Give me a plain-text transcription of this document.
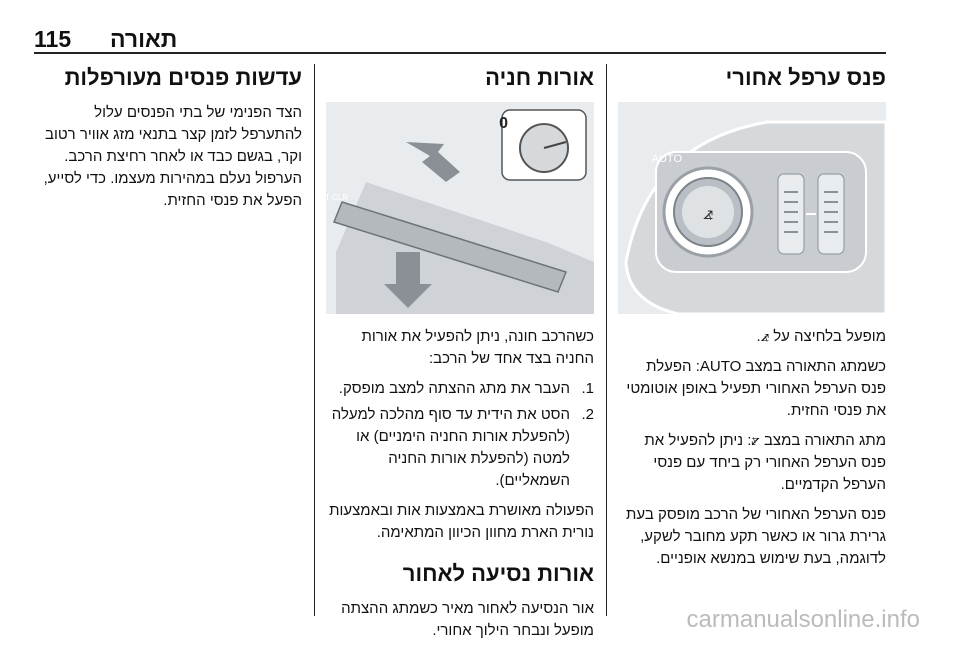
115 תאורה
פנס ערפל אחורי
⦩
AUTO

מופעל בלחיצה על ⦩.

כשמתג התאורה במצב AUTO: הפעלת פנס הערפל האחורי תפעיל באופן אוטומטי את פנסי החזית.

מתג התאורה במצב ⦪: ניתן להפעיל את פנס הערפל האחורי רק ביחד עם פנסי הערפל הקדמיים.

פנס הערפל האחורי של הרכב מופסק בעת גרירת גרור או כאשר תקע מחובר לשקע, לדוגמה, בעת שימוש במנשא אופניים.

אורות חניה
0
RESET CLR

כשהרכב חונה, ניתן להפעיל את אורות החניה בצד אחד של הרכב:

1.
העבר את מתג ההצתה למצב מופסק.
2.
הסט את הידית עד סוף מהלכה למעלה (להפעלת אורות החניה הימניים) או למטה (להפעלת אורות החניה השמאליים).

הפעולה מאושרת באמצעות אות ובאמצעות נורית הארת מחוון הכיוון המתאימה.

אורות נסיעה לאחור

אור הנסיעה לאחור מאיר כשמתג ההצתה מופעל ונבחר הילוך אחורי.

עדשות פנסים מעורפלות

הצד הפנימי של בתי הפנסים עלול להתערפל לזמן קצר בתנאי מזג אוויר רטוב וקר, בגשם כבד או לאחר רחיצת הרכב. הערפול נעלם במהירות מעצמו. כדי לסייע, הפעל את פנסי החזית.

carmanualsonline.info
